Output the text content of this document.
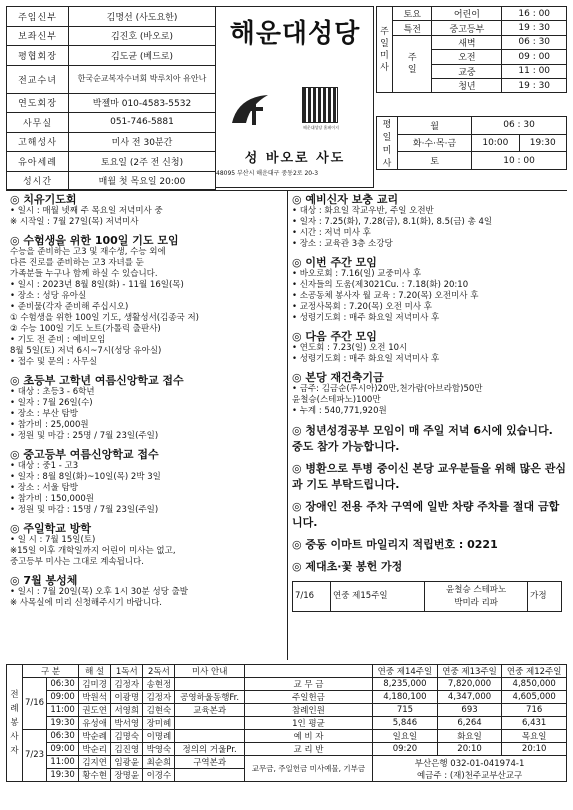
주임신부	김명선 (사도요한)
보좌신부	김진호 (바오로)
평협회장	김도균 (베드로)
전교수녀	한국순교복자수녀회 박루치아 유안나
연도회장	박젤마 010-4583-5532
사무실	051-746-5881
고해성사	미사 전 30분간
유아세례	토요일 (2주 전 신청)
성시간	매월 첫 목요일 20:00
해운대성당
해운대성당 홈페이지
성 바오로 사도
48095 부산시 해운대구 중동2로 20-3
주
일
미
사	토요	어린이	16 : 00
	특전	중고등부	19 : 30
	주
일	새벽	06 : 30
		오전	09 : 00
		교중	11 : 00
		청년	19 : 30
평
일
미
사	월	06 : 30	
	화·수·목·금	10:00	19:30
	토	10 : 00	
◎ 치유기도회
• 일시 : 매월 넷째 주 목요일 저녁미사 중
※ 시작일 : 7월 27일(목) 저녁미사
◎ 수험생을 위한 100일 기도 모임
수능을 준비하는 고3 및 재수생, 수능 외에
다른 진로를 준비하는 고3 자녀를 둔
가족분들 누구나 함께 하실 수 있습니다.
• 일시 : 2023년 8월 8일(화) - 11월 16일(목)
• 장소 : 성당 유아실
• 준비물(각자 준비해 주십시오)
① 수험생을 위한 100일 기도, 생활성서(김종국 저)
② 수능 100일 기도 노트(가톨릭 출판사)
• 기도 전 준비 : 예비모임
8월 5일(토) 저녁 6시~7시(성당 유아실)
• 접수 및 문의 : 사무실
◎ 초등부 고학년 여름신앙학교 접수
• 대상 : 초등3 - 6학년
• 일자 : 7월 26일(수)
• 장소 : 부산 탐방
• 참가비 : 25,000원
• 정원 및 마감 : 25명 / 7월 23일(주일)
◎ 중고등부 여름신앙학교 접수
• 대상 : 중1 - 고3
• 일자 : 8월 8일(화)~10일(목) 2박 3일
• 장소 : 서울 탐방
• 참가비 : 150,000원
• 정원 및 마감 : 15명 / 7월 23일(주일)
◎ 주일학교 방학
• 일 시 : 7월 15일(토)
※15일 이후 개학일까지 어린이 미사는 없고,
중고등부 미사는 그대로 계속됩니다.
◎ 7월 봉성체
• 일시 : 7월 20일(목) 오후 1시 30분 성당 출발
※ 사목실에 미리 신청해주시기 바랍니다.
◎ 예비신자 보충 교리
• 대상 : 화요일 작교우반, 주일 오전반
• 일자 : 7.25(화), 7.28(금), 8.1(화), 8.5(금) 총 4일
• 시간 : 저녁 미사 후
• 장소 : 교육관 3층 소강당
◎ 이번 주간 모임
• 바오로회 : 7.16(일) 교중미사 후
• 신자들의 도움(제3021Cu. : 7.18(화) 20:10
• 소공동체 봉사자 월 교육 : 7.20(목) 오전미사 후
• 교정사목회 : 7.20(목) 오전 미사 후
• 성령기도회 : 매주 화요일 저녁미사 후
◎ 다음 주간 모임
• 연도회 : 7.23(일) 오전 10시
• 성령기도회 : 매주 화요일 저녁미사 후
◎ 본당 재건축기금
• 금주: 김금순(루시아)20만,천가람(아브라함)50만
윤철승(스테파노)100만
• 누계 : 540,771,920원
◎ 청년성경공부 모임이 매 주일 저녁 6시에 있습니다. 중도 참가 가능합니다.
◎ 병환으로 투병 중이신 본당 교우분들을 위해 많은 관심과 기도 부탁드립니다.
◎ 장애인 전용 주차 구역에 일반 차량 주차를 절대 금합니다.
◎ 중동 이마트 마일리지 적립번호 : 0221
◎ 제대초·꽃 봉헌 가정
7/16	연중 제15주일	
윤철승 스테파노
박미라 리파
	가정
전
례
봉
사
자	구 분		해 설	1독서	2독서	미사 안내		연중 제14주일	연중 제13주일	연중 제12주일
	7/16	06:30	김미경	김정자	송현정		교 무 금	8,235,000	7,820,000	4,850,000
		09:00	박원석	이광명	김정자	공영하울동행Fr.	주일헌금	4,180,100	4,347,000	4,605,000
		11:00	권도연	서영희	김현숙	교육본과	참례인원	715	693	716
		19:30	유성애	박서영	장미혜		1인 평균	5,846	6,264	6,431
	7/23	06:30	박순례	김명숙	이명례		예 비 자	일요일	화요일	목요일
		09:00	박순리	김진영	박영숙	정의의 거울Pr.	교 리 반	09:20	20:10	20:10
		11:00	김지연	임광윤	최순희	구역본과	교무금, 주일헌금 미사예물, 기부금	부산은행 032-01-041974-1
예금주 : (재)천주교부산교구		

		19:30	황수현	장명윤	이경수					
